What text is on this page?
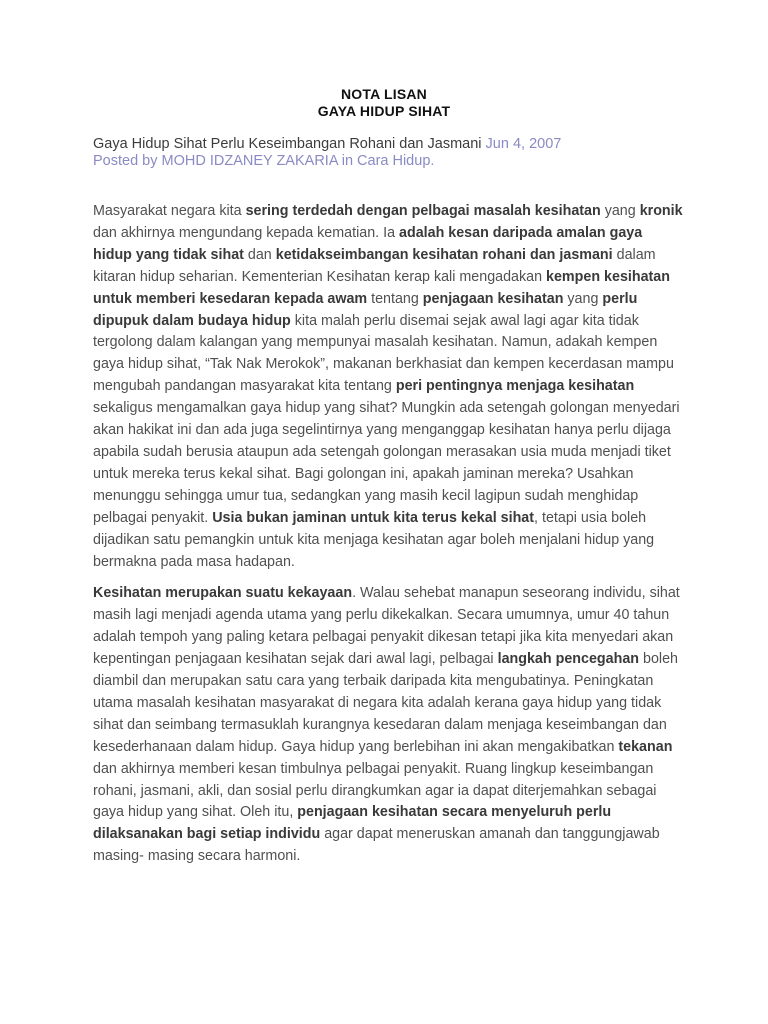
NOTA LISAN
GAYA HIDUP SIHAT
Gaya Hidup Sihat Perlu Keseimbangan Rohani dan Jasmani Jun 4, 2007
Posted by MOHD IDZANEY ZAKARIA in Cara Hidup.

Masyarakat negara kita sering terdedah dengan pelbagai masalah kesihatan yang kronik dan akhirnya mengundang kepada kematian. Ia adalah kesan daripada amalan gaya hidup yang tidak sihat dan ketidakseimbangan kesihatan rohani dan jasmani dalam kitaran hidup seharian. Kementerian Kesihatan kerap kali mengadakan kempen kesihatan untuk memberi kesedaran kepada awam tentang penjagaan kesihatan yang perlu dipupuk dalam budaya hidup kita malah perlu disemai sejak awal lagi agar kita tidak tergolong dalam kalangan yang mempunyai masalah kesihatan. Namun, adakah kempen gaya hidup sihat, “Tak Nak Merokok”, makanan berkhasiat dan kempen kecerdasan mampu mengubah pandangan masyarakat kita tentang peri pentingnya menjaga kesihatan sekaligus mengamalkan gaya hidup yang sihat? Mungkin ada setengah golongan menyedari akan hakikat ini dan ada juga segelintirnya yang menganggap kesihatan hanya perlu dijaga apabila sudah berusia ataupun ada setengah golongan merasakan usia muda menjadi tiket untuk mereka terus kekal sihat. Bagi golongan ini, apakah jaminan mereka? Usahkan menunggu sehingga umur tua, sedangkan yang masih kecil lagipun sudah menghidap pelbagai penyakit. Usia bukan jaminan untuk kita terus kekal sihat, tetapi usia boleh dijadikan satu pemangkin untuk kita menjaga kesihatan agar boleh menjalani hidup yang bermakna pada masa hadapan.

Kesihatan merupakan suatu kekayaan. Walau sehebat manapun seseorang individu, sihat masih lagi menjadi agenda utama yang perlu dikekalkan. Secara umumnya, umur 40 tahun adalah tempoh yang paling ketara pelbagai penyakit dikesan tetapi jika kita menyedari akan kepentingan penjagaan kesihatan sejak dari awal lagi, pelbagai langkah pencegahan boleh diambil dan merupakan satu cara yang terbaik daripada kita mengubatinya. Peningkatan utama masalah kesihatan masyarakat di negara kita adalah kerana gaya hidup yang tidak sihat dan seimbang termasuklah kurangnya kesedaran dalam menjaga keseimbangan dan kesederhanaan dalam hidup. Gaya hidup yang berlebihan ini akan mengakibatkan tekanan dan akhirnya memberi kesan timbulnya pelbagai penyakit. Ruang lingkup keseimbangan rohani, jasmani, akli, dan sosial perlu dirangkumkan agar ia dapat diterjemahkan sebagai gaya hidup yang sihat. Oleh itu, penjagaan kesihatan secara menyeluruh perlu dilaksanakan bagi setiap individu agar dapat meneruskan amanah dan tanggungjawab masing- masing secara harmoni.
